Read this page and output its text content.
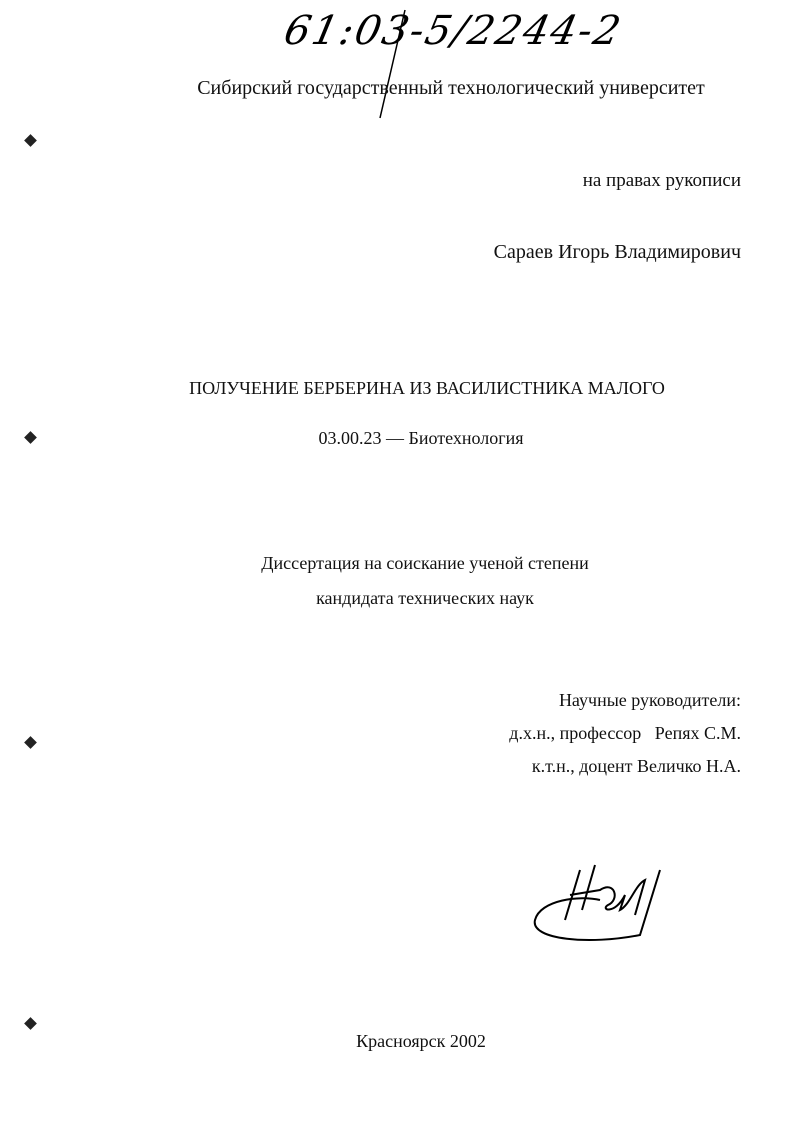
61:03-5/2244-2
Сибирский государственный технологический университет
на правах рукописи
Сараев Игорь Владимирович
ПОЛУЧЕНИЕ БЕРБЕРИНА ИЗ ВАСИЛИСТНИКА МАЛОГО
03.00.23 — Биотехнология
Диссертация на соискание ученой степени
кандидата технических наук
Научные руководители:
д.х.н., профессор   Репях С.М.
к.т.н., доцент Величко Н.А.
Красноярск 2002
